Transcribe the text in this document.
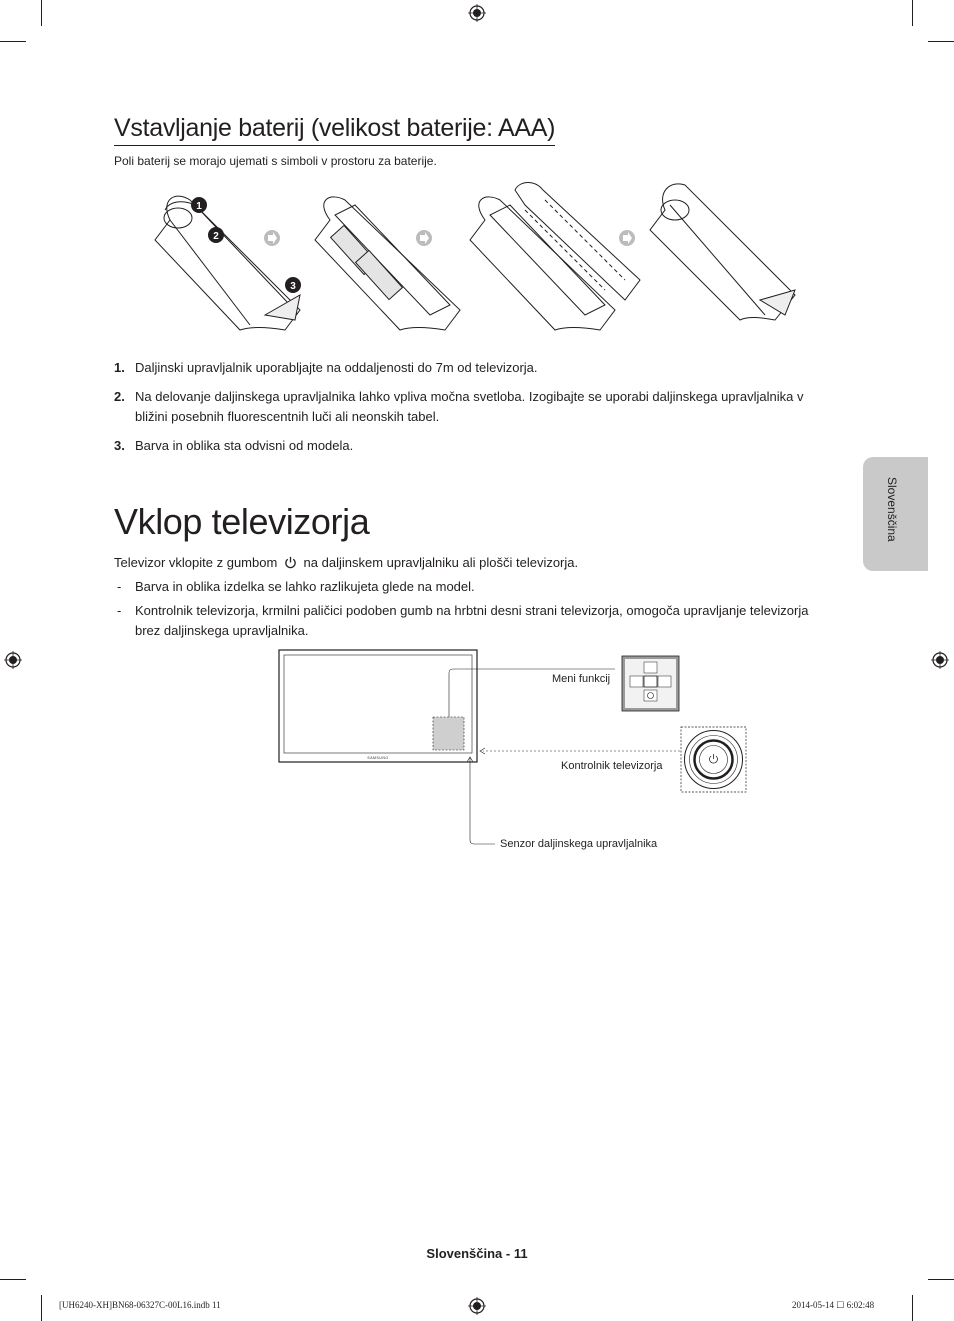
Vstavljanje baterij (velikost baterije: AAA)
Poli baterij se morajo ujemati s simboli v prostoru za baterije.
1
2
3
1. Daljinski upravljalnik uporabljajte na oddaljenosti do 7m od televizorja.
2. Na delovanje daljinskega upravljalnika lahko vpliva močna svetloba. Izogibajte se uporabi daljinskega upravljalnika v bližini posebnih fluorescentnih luči ali neonskih tabel.
3. Barva in oblika sta odvisni od modela.
Vklop televizorja
Televizor vklopite z gumbom na daljinskem upravljalniku ali plošči televizorja.
- Barva in oblika izdelka se lahko razlikujeta glede na model.
- Kontrolnik televizorja, krmilni paličici podoben gumb na hrbtni desni strani televizorja, omogoča upravljanje televizorja brez daljinskega upravljalnika.
SAMSUNG
Meni funkcij
Kontrolnik televizorja
Senzor daljinskega upravljalnika
Slovenščina
Slovenščina - 11
[UH6240-XH]BN68-06327C-00L16.indb 11	2014-05-14 ☐ 6:02:48
